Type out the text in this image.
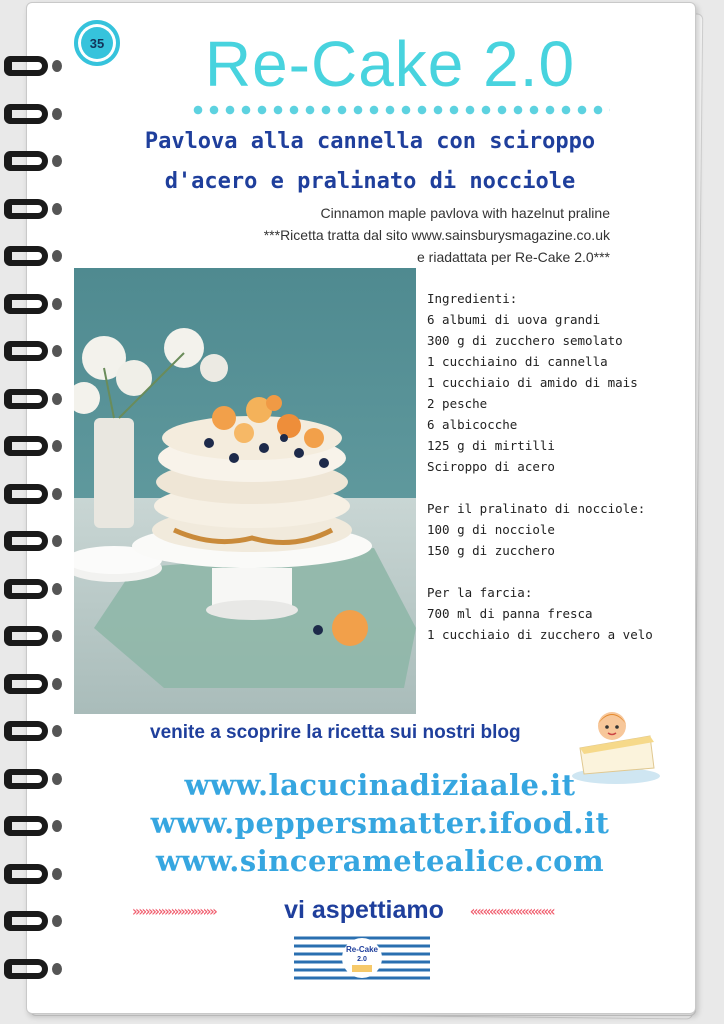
35	Re-Cake 2.0
Pavlova alla cannella con sciroppo
d'acero e pralinato di nocciole
Cinnamon maple pavlova with hazelnut praline
***Ricetta tratta dal sito www.sainsburysmagazine.co.uk
e riadattata per Re-Cake 2.0***
Ingredienti:
6 albumi di uova grandi
300 g di zucchero semolato
1 cucchiaino di cannella
1 cucchiaio di amido di mais
2 pesche
6 albicocche
125 g di mirtilli
Sciroppo di acero
Per il pralinato di nocciole:
100 g di nocciole
150 g di zucchero
Per la farcia:
700 ml di panna fresca
1 cucchiaio di zucchero a velo
venite a scoprire la ricetta sui nostri blog
www.lacucinadiziaale.it
www.peppersmatter.ifood.it
www.sincerametealice.com
»»»»»»»»»»»»»	vi aspettiamo	«««««««««««««
Re-Cake
2.0
